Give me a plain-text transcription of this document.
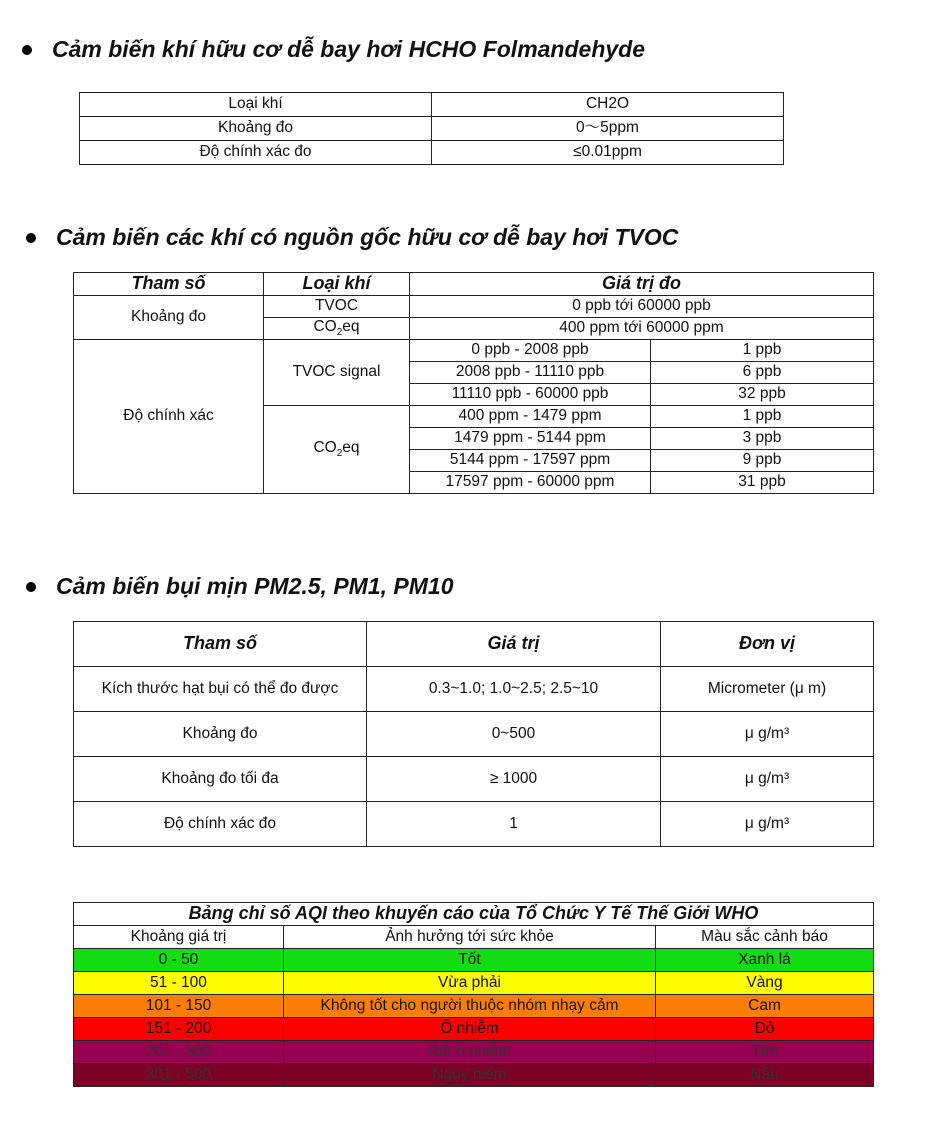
Cảm biến khí hữu cơ dễ bay hơi HCHO Folmandehyde
Loại khí	CH2O
Khoảng đo	0～5ppm
Độ chính xác đo	≤0.01ppm
Cảm biến các khí có nguồn gốc hữu cơ dễ bay hơi TVOC
Tham số	Loại khí	Giá trị đo	
Khoảng đo	TVOC	0 ppb tới 60000 ppb	
	$CO_2eq$	400 ppm tới 60000 ppm	
Độ chính xác	TVOC signal	0 ppb - 2008 ppb	1 ppb
		2008 ppb - 11110 ppb	6 ppb
		11110 ppb - 60000 ppb	32 ppb
	$CO_2eq$	400 ppm - 1479 ppm	1 ppb
		1479 ppm - 5144 ppm	3 ppb
		5144 ppm - 17597 ppm	9 ppb
		17597 ppm - 60000 ppm	31 ppb
Cảm biến bụi mịn PM2.5, PM1, PM10
Tham số	Giá trị	Đơn vị
Kích thước hạt bụi có thể đo được	0.3~1.0; 1.0~2.5; 2.5~10	Micrometer (μ m)
Khoảng đo	0~500	μ g/m³
Khoảng đo tối đa	≥ 1000	μ g/m³
Độ chính xác đo	1	μ g/m³
Bảng chỉ số AQI theo khuyến cáo của Tổ Chức Y Tế Thế Giới WHO		
Khoảng giá trị	Ảnh hưởng tới sức khỏe	Màu sắc cảnh báo
0 - 50	Tốt	Xanh lá
51 - 100	Vừa phải	Vàng
101 - 150	Không tốt cho người thuộc nhóm nhạy cảm	Cam
151 - 200	Ô nhiễm	Đỏ
201 - 300	Rất ô nhiễm	Tím
301 - 500	Nguy hiểm	Nâu
